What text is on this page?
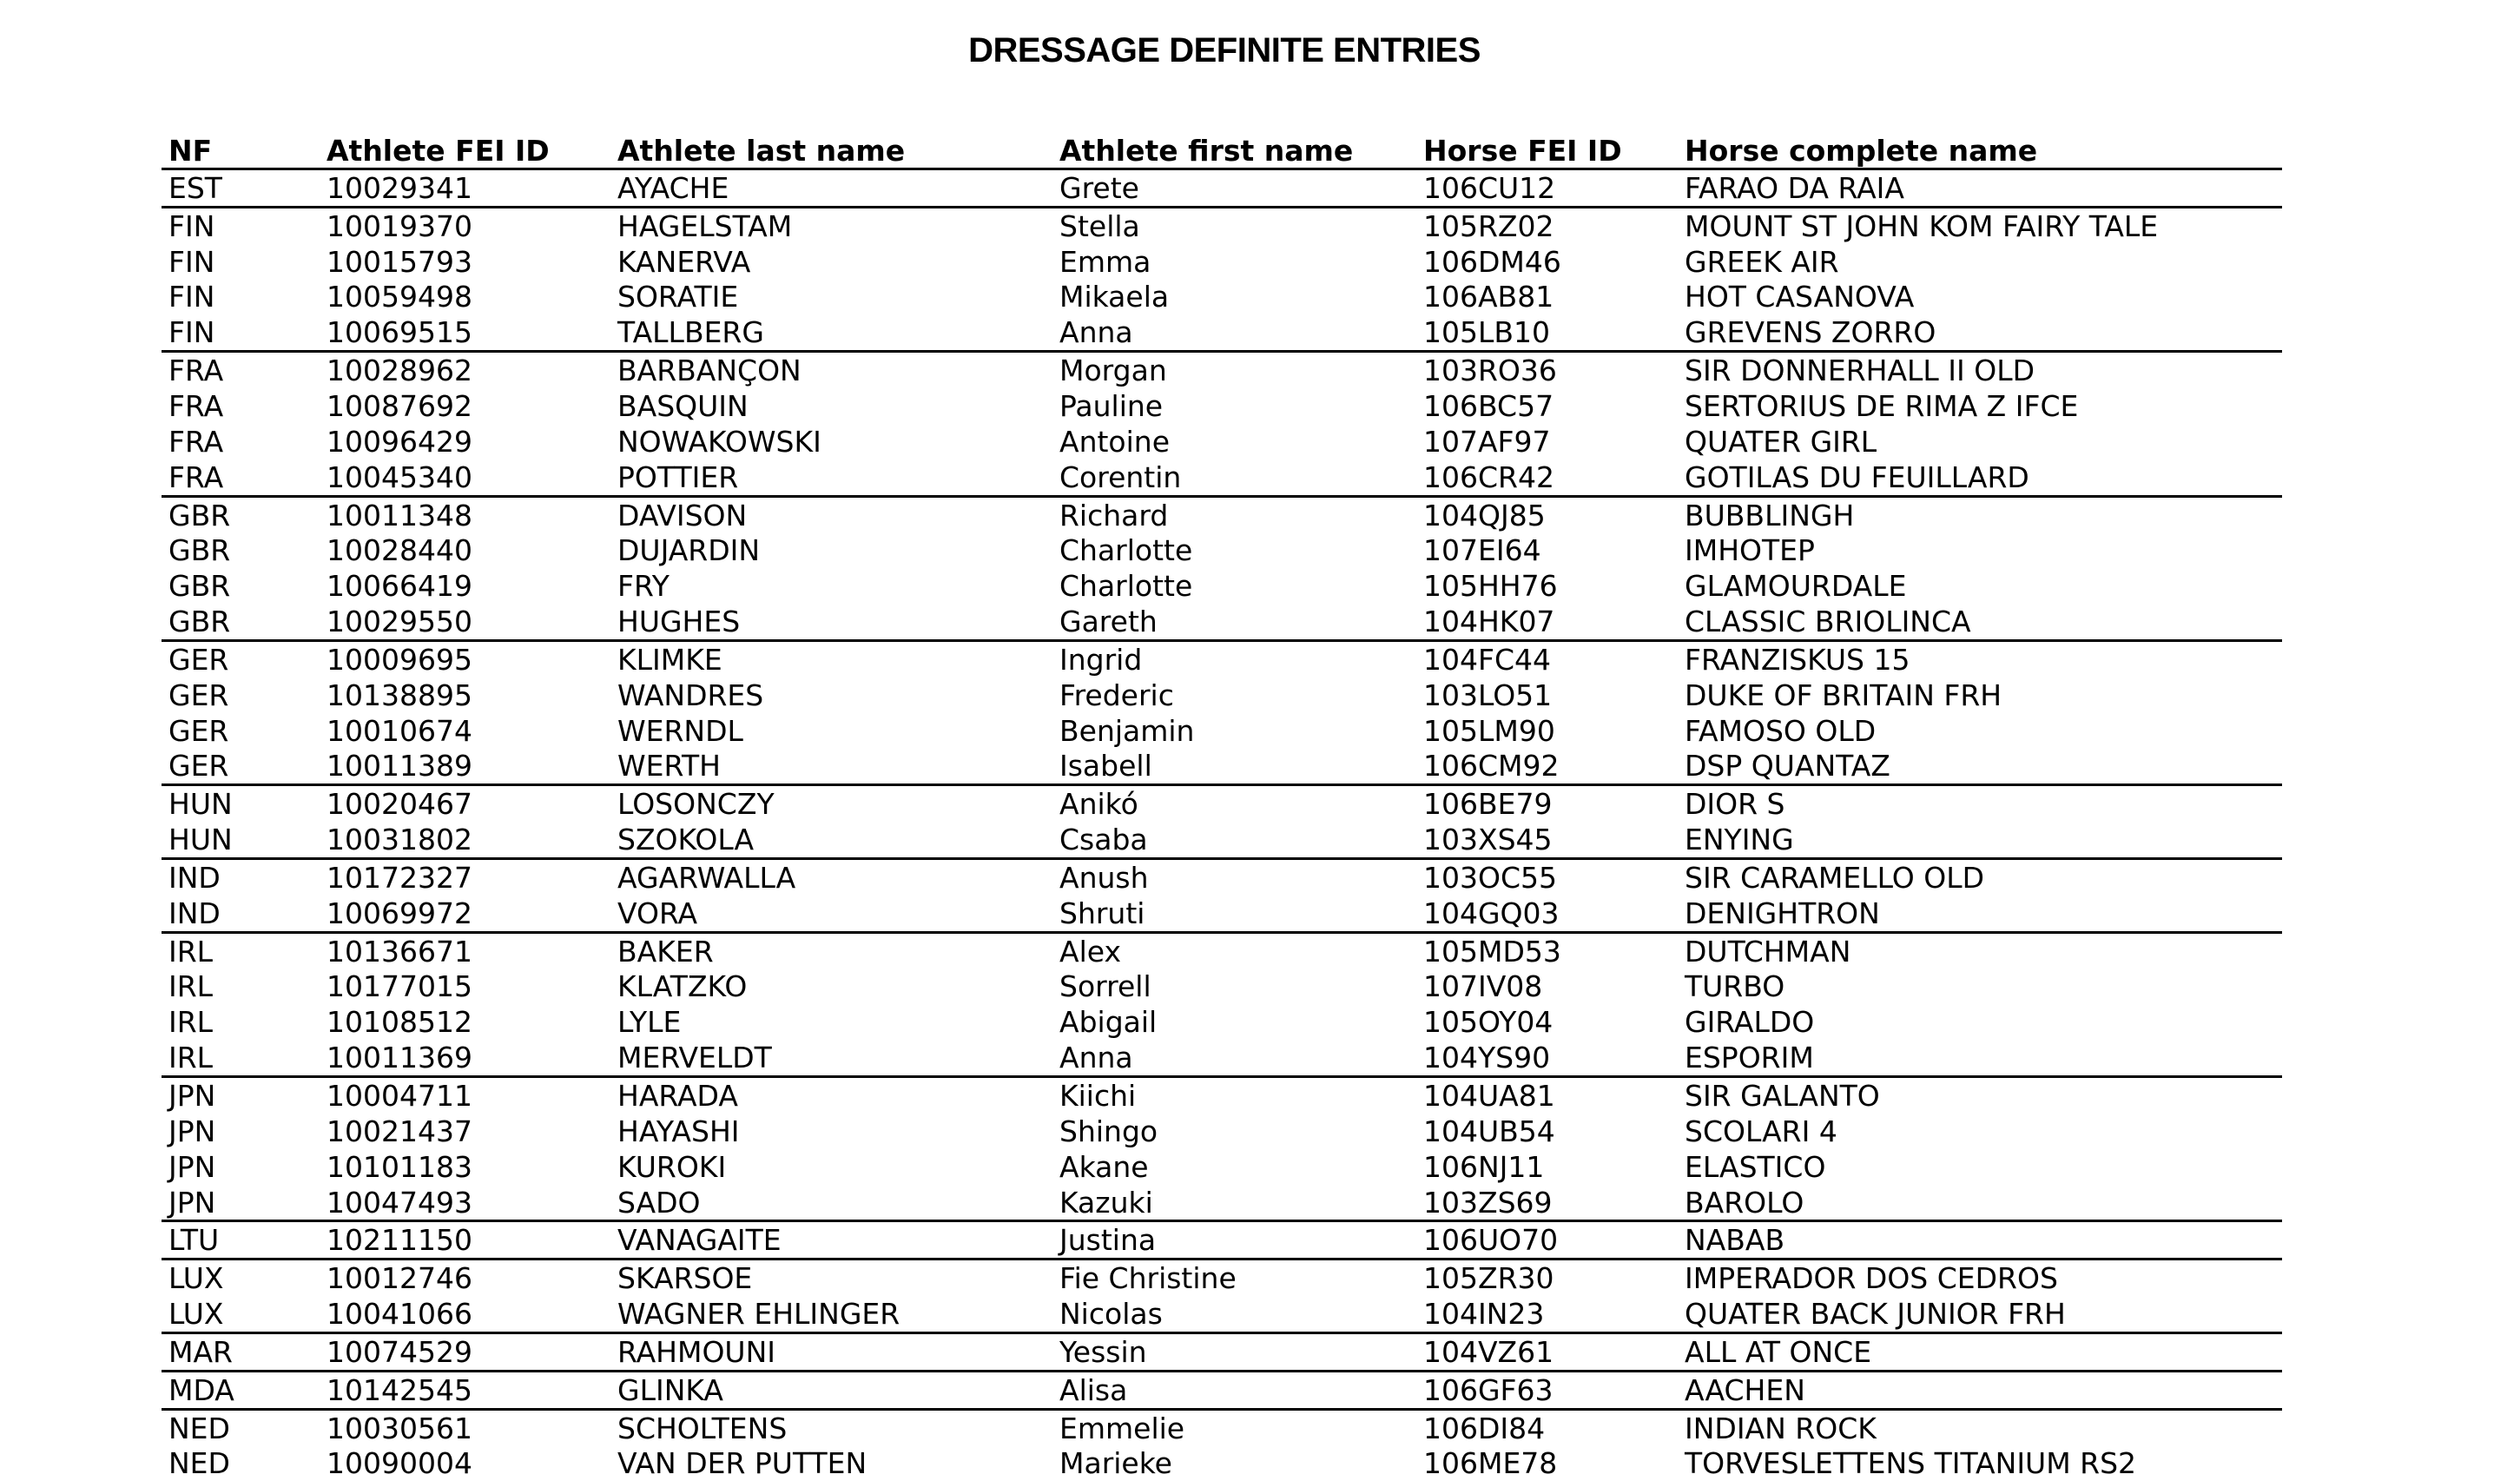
DRESSAGE DEFINITE ENTRIES
NF	Athlete FEI ID	Athlete last name	Athlete first name	Horse FEI ID	Horse complete name
EST	10029341	AYACHE	Grete	106CU12	FARAO DA RAIA
FIN	10019370	HAGELSTAM	Stella	105RZ02	MOUNT ST JOHN KOM FAIRY TALE
FIN	10015793	KANERVA	Emma	106DM46	GREEK AIR
FIN	10059498	SORATIE	Mikaela	106AB81	HOT CASANOVA
FIN	10069515	TALLBERG	Anna	105LB10	GREVENS ZORRO
FRA	10028962	BARBANÇON	Morgan	103RO36	SIR DONNERHALL II OLD
FRA	10087692	BASQUIN	Pauline	106BC57	SERTORIUS DE RIMA Z IFCE
FRA	10096429	NOWAKOWSKI	Antoine	107AF97	QUATER GIRL
FRA	10045340	POTTIER	Corentin	106CR42	GOTILAS DU FEUILLARD
GBR	10011348	DAVISON	Richard	104QJ85	BUBBLINGH
GBR	10028440	DUJARDIN	Charlotte	107EI64	IMHOTEP
GBR	10066419	FRY	Charlotte	105HH76	GLAMOURDALE
GBR	10029550	HUGHES	Gareth	104HK07	CLASSIC BRIOLINCA
GER	10009695	KLIMKE	Ingrid	104FC44	FRANZISKUS 15
GER	10138895	WANDRES	Frederic	103LO51	DUKE OF BRITAIN FRH
GER	10010674	WERNDL	Benjamin	105LM90	FAMOSO OLD
GER	10011389	WERTH	Isabell	106CM92	DSP QUANTAZ
HUN	10020467	LOSONCZY	Anikó	106BE79	DIOR S
HUN	10031802	SZOKOLA	Csaba	103XS45	ENYING
IND	10172327	AGARWALLA	Anush	103OC55	SIR CARAMELLO OLD
IND	10069972	VORA	Shruti	104GQ03	DENIGHTRON
IRL	10136671	BAKER	Alex	105MD53	DUTCHMAN
IRL	10177015	KLATZKO	Sorrell	107IV08	TURBO
IRL	10108512	LYLE	Abigail	105OY04	GIRALDO
IRL	10011369	MERVELDT	Anna	104YS90	ESPORIM
JPN	10004711	HARADA	Kiichi	104UA81	SIR GALANTO
JPN	10021437	HAYASHI	Shingo	104UB54	SCOLARI 4
JPN	10101183	KUROKI	Akane	106NJ11	ELASTICO
JPN	10047493	SADO	Kazuki	103ZS69	BAROLO
LTU	10211150	VANAGAITE	Justina	106UO70	NABAB
LUX	10012746	SKARSOE	Fie Christine	105ZR30	IMPERADOR DOS CEDROS
LUX	10041066	WAGNER EHLINGER	Nicolas	104IN23	QUATER BACK JUNIOR FRH
MAR	10074529	RAHMOUNI	Yessin	104VZ61	ALL AT ONCE
MDA	10142545	GLINKA	Alisa	106GF63	AACHEN
NED	10030561	SCHOLTENS	Emmelie	106DI84	INDIAN ROCK
NED	10090004	VAN DER PUTTEN	Marieke	106ME78	TORVESLETTENS TITANIUM RS2
